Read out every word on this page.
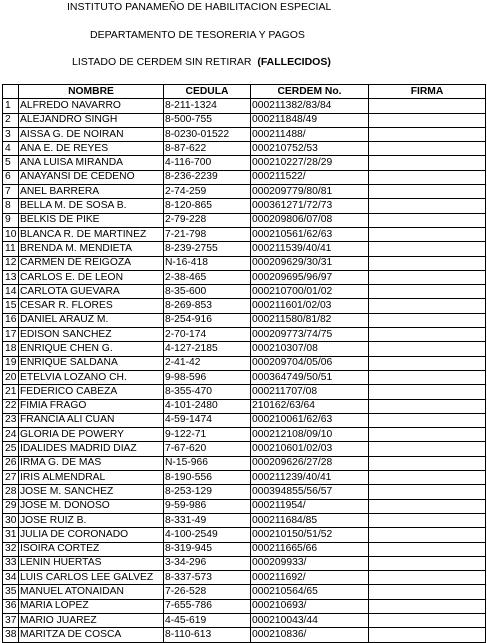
INSTITUTO PANAMEÑO DE HABILITACION ESPECIAL
DEPARTAMENTO DE TESORERIA Y PAGOS
LISTADO DE CERDEM SIN RETIRAR (FALLECIDOS)
	NOMBRE	CEDULA	CERDEM No.	FIRMA
1	ALFREDO NAVARRO	8-211-1324	000211382/83/84	
2	ALEJANDRO SINGH	8-500-755	000211848/49	
3	AISSA G. DE NOIRAN	8-0230-01522	000211488/	
4	ANA E. DE REYES	8-87-622	000210752/53	
5	ANA LUISA MIRANDA	4-116-700	000210227/28/29	
6	ANAYANSI DE CEDEÑO	8-236-2239	000211522/	
7	ANEL BARRERA	2-74-259	000209779/80/81	
8	BELLA M. DE SOSA B.	8-120-865	000361271/72/73	
9	BELKIS DE PIKE	2-79-228	000209806/07/08	
10	BLANCA R. DE MARTINEZ	7-21-798	000210561/62/63	
11	BRENDA M. MENDIETA	8-239-2755	000211539/40/41	
12	CARMEN DE REIGOZA	N-16-418	000209629/30/31	
13	CARLOS E. DE LEON	2-38-465	000209695/96/97	
14	CARLOTA GUEVARA	8-35-600	000210700/01/02	
15	CESAR R. FLORES	8-269-853	000211601/02/03	
16	DANIEL ARAUZ M.	8-254-916	000211580/81/82	
17	EDISON SANCHEZ	2-70-174	000209773/74/75	
18	ENRIQUE CHEN G.	4-127-2185	000210307/08	
19	ENRIQUE SALDAÑA	2-41-42	000209704/05/06	
20	ETELVIA LOZANO CH.	9-98-596	000364749/50/51	
21	FEDERICO CABEZA	8-355-470	000211707/08	
22	FIMIA FRAGO	4-101-2480	210162/63/64	
23	FRANCIA ALI CUAN	4-59-1474	000210061/62/63	
24	GLORIA DE POWERY	9-122-71	000212108/09/10	
25	IDALIDES MADRID DIAZ	7-67-620	000210601/02/03	
26	IRMA G. DE MAS	N-15-966	000209626/27/28	
27	IRIS ALMENDRAL	8-190-556	000211239/40/41	
28	JOSE M. SANCHEZ	8-253-129	000394855/56/57	
29	JOSE M. DONOSO	9-59-986	000211954/	
30	JOSE RUIZ B.	8-331-49	000211684/85	
31	JULIA DE CORONADO	4-100-2549	000210150/51/52	
32	ISOIRA CORTEZ	8-319-945	000211665/66	
33	LENIN HUERTAS	3-34-296	000209933/	
34	LUIS CARLOS LEE GALVEZ	8-337-573	000211692/	
35	MANUEL ATONAIDAN	7-26-528	000210564/65	
36	MARIA LOPEZ	7-655-786	000210693/	
37	MARIO JUAREZ	4-45-619	000210043/44	
38	MARITZA DE COSCA	8-110-613	000210836/	
